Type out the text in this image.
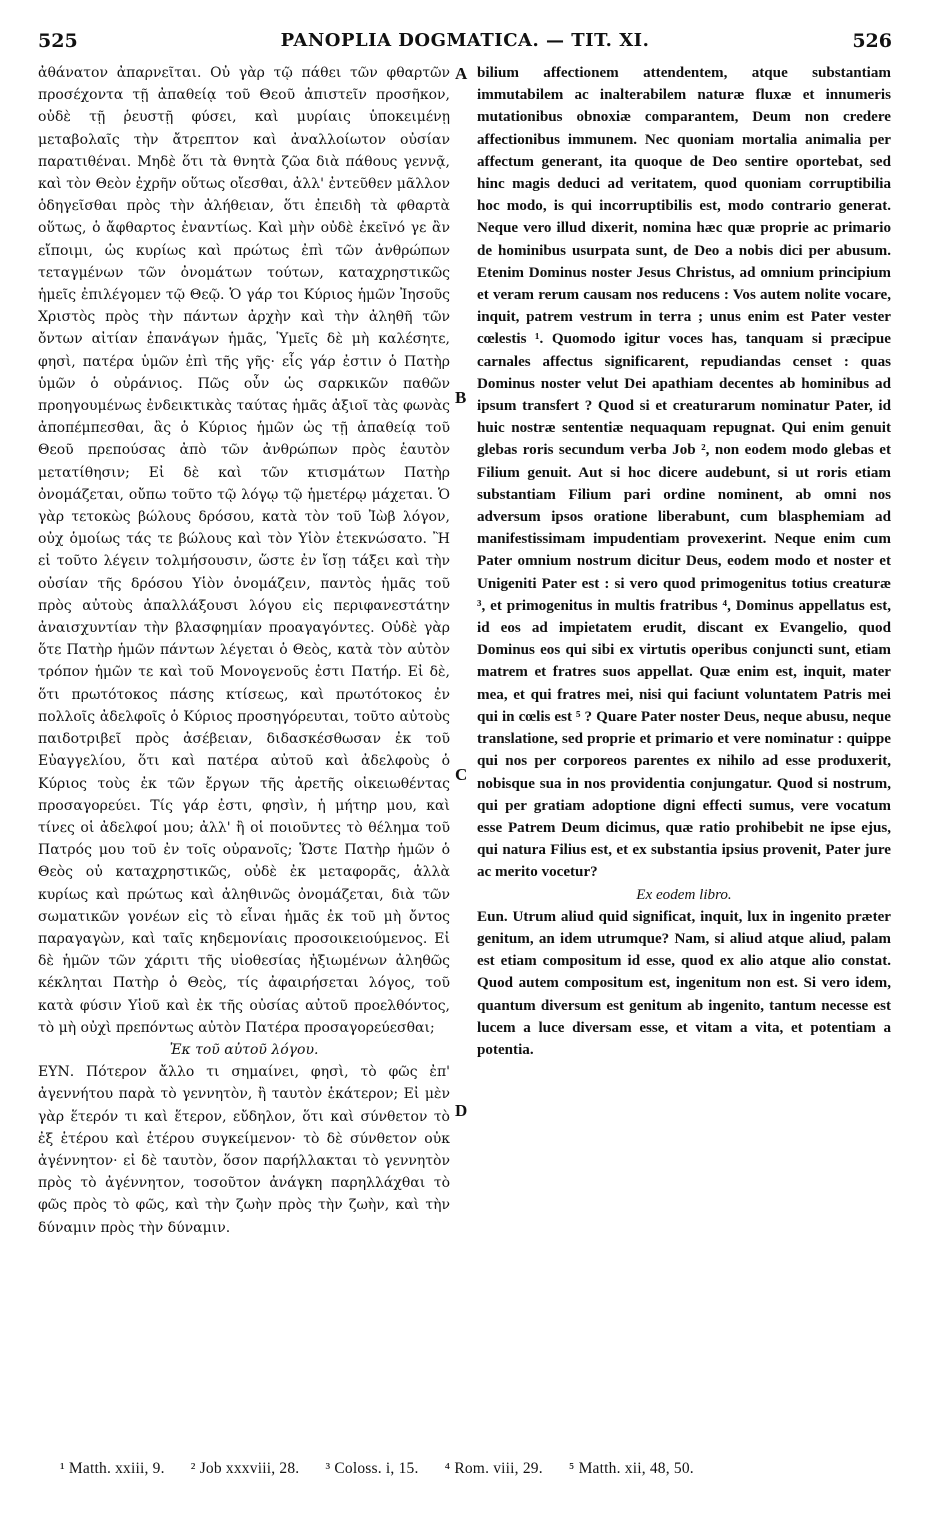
525	PANOPLIA DOGMATICA. — TIT. XI.	526

ἀθάνατον ἀπαρνεῖται. Οὐ γὰρ τῷ πάθει τῶν φθαρτῶν προσέχοντα τῇ ἀπαθείᾳ τοῦ Θεοῦ ἀπιστεῖν προσῆκον, οὐδὲ τῇ ῥευστῇ φύσει, καὶ μυρίαις ὑποκειμένῃ μεταβολαῖς τὴν ἄτρεπτον καὶ ἀναλλοίωτον οὐσίαν παρατιθέναι. Μηδὲ ὅτι τὰ θνητὰ ζῶα διὰ πάθους γεννᾷ, καὶ τὸν Θεὸν ἐχρῆν οὕτως οἴεσθαι, ἀλλ' ἐντεῦθεν μᾶλλον ὁδηγεῖσθαι πρὸς τὴν ἀλήθειαν, ὅτι ἐπειδὴ τὰ φθαρτὰ οὕτως, ὁ ἄφθαρτος ἐναντίως. Καὶ μὴν οὐδὲ ἐκεῖνό γε ἂν εἴποιμι, ὡς κυρίως καὶ πρώτως ἐπὶ τῶν ἀνθρώπων τεταγμένων τῶν ὀνομάτων τούτων, καταχρηστικῶς ἡμεῖς ἐπιλέγομεν τῷ Θεῷ. Ὁ γάρ τοι Κύριος ἡμῶν Ἰησοῦς Χριστὸς πρὸς τὴν πάντων ἀρχὴν καὶ τὴν ἀληθῆ τῶν ὄντων αἰτίαν ἐπανάγων ἡμᾶς, Ὑμεῖς δὲ μὴ καλέσητε, φησὶ, πατέρα ὑμῶν ἐπὶ τῆς γῆς· εἷς γάρ ἐστιν ὁ Πατὴρ ὑμῶν ὁ οὐράνιος. Πῶς οὖν ὡς σαρκικῶν παθῶν προηγουμένως ἐνδεικτικὰς ταύτας ἡμᾶς ἀξιοῖ τὰς φωνὰς ἀποπέμπεσθαι, ἃς ὁ Κύριος ἡμῶν ὡς τῇ ἀπαθείᾳ τοῦ Θεοῦ πρεπούσας ἀπὸ τῶν ἀνθρώπων πρὸς ἑαυτὸν μετατίθησιν; Εἰ δὲ καὶ τῶν κτισμάτων Πατὴρ ὀνομάζεται, οὔπω τοῦτο τῷ λόγῳ τῷ ἡμετέρῳ μάχεται. Ὁ γὰρ τετοκὼς βώλους δρόσου, κατὰ τὸν τοῦ Ἰὼβ λόγον, οὐχ ὁμοίως τάς τε βώλους καὶ τὸν Υἱὸν ἐτεκνώσατο. Ἢ εἰ τοῦτο λέγειν τολμήσουσιν, ὥστε ἐν ἴσῃ τάξει καὶ τὴν οὐσίαν τῆς δρόσου Υἱὸν ὀνομάζειν, παντὸς ἡμᾶς τοῦ πρὸς αὐτοὺς ἀπαλλάξουσι λόγου εἰς περιφανεστάτην ἀναισχυντίαν τὴν βλασφημίαν προαγαγόντες. Οὐδὲ γὰρ ὅτε Πατὴρ ἡμῶν πάντων λέγεται ὁ Θεὸς, κατὰ τὸν αὐτὸν τρόπον ἡμῶν τε καὶ τοῦ Μονογενοῦς ἐστι Πατήρ. Εἰ δὲ, ὅτι πρωτότοκος πάσης κτίσεως, καὶ πρωτότοκος ἐν πολλοῖς ἀδελφοῖς ὁ Κύριος προσηγόρευται, τοῦτο αὐτοὺς παιδοτριβεῖ πρὸς ἀσέβειαν, διδασκέσθωσαν ἐκ τοῦ Εὐαγγελίου, ὅτι καὶ πατέρα αὐτοῦ καὶ ἀδελφοὺς ὁ Κύριος τοὺς ἐκ τῶν ἔργων τῆς ἀρετῆς οἰκειωθέντας προσαγορεύει. Τίς γάρ ἐστι, φησὶν, ἡ μήτηρ μου, καὶ τίνες οἱ ἀδελφοί μου; ἀλλ' ἢ οἱ ποιοῦντες τὸ θέλημα τοῦ Πατρός μου τοῦ ἐν τοῖς οὐρανοῖς; Ὥστε Πατὴρ ἡμῶν ὁ Θεὸς οὐ καταχρηστικῶς, οὐδὲ ἐκ μεταφορᾶς, ἀλλὰ κυρίως καὶ πρώτως καὶ ἀληθινῶς ὀνομάζεται, διὰ τῶν σωματικῶν γονέων εἰς τὸ εἶναι ἡμᾶς ἐκ τοῦ μὴ ὄντος παραγαγὼν, καὶ ταῖς κηδεμονίαις προσοικειούμενος. Εἰ δὲ ἡμῶν τῶν χάριτι τῆς υἱοθεσίας ἠξιωμένων ἀληθῶς κέκληται Πατὴρ ὁ Θεὸς, τίς ἀφαιρήσεται λόγος, τοῦ κατὰ φύσιν Υἱοῦ καὶ ἐκ τῆς οὐσίας αὐτοῦ προελθόντος, τὸ μὴ οὐχὶ πρεπόντως αὐτὸν Πατέρα προσαγορεύεσθαι;

Ἐκ τοῦ αὐτοῦ λόγου.

ΕΥΝ. Πότερον ἄλλο τι σημαίνει, φησὶ, τὸ φῶς ἐπ' ἀγεννήτου παρὰ τὸ γεννητὸν, ἢ ταυτὸν ἑκάτερον; Εἰ μὲν γὰρ ἕτερόν τι καὶ ἕτερον, εὔδηλον, ὅτι καὶ σύνθετον τὸ ἐξ ἑτέρου καὶ ἑτέρου συγκείμενον· τὸ δὲ σύνθετον οὐκ ἀγέννητον· εἰ δὲ ταυτὸν, ὅσον παρήλλακται τὸ γεννητὸν πρὸς τὸ ἀγέννητον, τοσοῦτον ἀνάγκη παρηλλάχθαι τὸ φῶς πρὸς τὸ φῶς, καὶ τὴν ζωὴν πρὸς τὴν ζωὴν, καὶ τὴν δύναμιν πρὸς τὴν δύναμιν.

A
B
C
D

bilium affectionem attendentem, atque substantiam immutabilem ac inalterabilem naturæ fluxæ et innumeris mutationibus obnoxiæ comparantem, Deum non credere affectionibus immunem. Nec quoniam mortalia animalia per affectum generant, ita quoque de Deo sentire oportebat, sed hinc magis deduci ad veritatem, quod quoniam corruptibilia hoc modo, is qui incorruptibilis est, modo contrario generat. Neque vero illud dixerit, nomina hæc quæ proprie ac primario de hominibus usurpata sunt, de Deo a nobis dici per abusum. Etenim Dominus noster Jesus Christus, ad omnium principium et veram rerum causam nos reducens : Vos autem nolite vocare, inquit, patrem vestrum in terra ; unus enim est Pater vester cœlestis ¹. Quomodo igitur voces has, tanquam si præcipue carnales affectus significarent, repudiandas censet : quas Dominus noster velut Dei apathiam decentes ab hominibus ad ipsum transfert ? Quod si et creaturarum nominatur Pater, id huic nostræ sententiæ nequaquam repugnat. Qui enim genuit glebas roris secundum verba Job ², non eodem modo glebas et Filium genuit. Aut si hoc dicere audebunt, si ut roris etiam substantiam Filium pari ordine nominent, ab omni nos adversum ipsos oratione liberabunt, cum blasphemiam ad manifestissimam impudentiam provexerint. Neque enim cum Pater omnium nostrum dicitur Deus, eodem modo et noster et Unigeniti Pater est : si vero quod primogenitus totius creaturæ ³, et primogenitus in multis fratribus ⁴, Dominus appellatus est, id eos ad impietatem erudit, discant ex Evangelio, quod Dominus eos qui sibi ex virtutis operibus conjuncti sunt, etiam matrem et fratres suos appellat. Quæ enim est, inquit, mater mea, et qui fratres mei, nisi qui faciunt voluntatem Patris mei qui in cœlis est ⁵ ? Quare Pater noster Deus, neque abusu, neque translatione, sed proprie et primario et vere nominatur : quippe qui nos per corporeos parentes ex nihilo ad esse produxerit, nobisque sua in nos providentia conjungatur. Quod si nostrum, qui per gratiam adoptione digni effecti sumus, vere vocatum esse Patrem Deum dicimus, quæ ratio prohibebit ne ipse ejus, qui natura Filius est, et ex substantia ipsius provenit, Pater jure ac merito vocetur?

Ex eodem libro.

Eun. Utrum aliud quid significat, inquit, lux in ingenito præter genitum, an idem utrumque? Nam, si aliud atque aliud, palam est etiam compositum id esse, quod ex alio atque alio constat. Quod autem compositum est, ingenitum non est. Si vero idem, quantum diversum est genitum ab ingenito, tantum necesse est lucem a luce diversam esse, et vitam a vita, et potentiam a potentia.

¹ Matth. xxiii, 9. ² Job xxxviii, 28. ³ Coloss. i, 15. ⁴ Rom. viii, 29. ⁵ Matth. xii, 48, 50.
